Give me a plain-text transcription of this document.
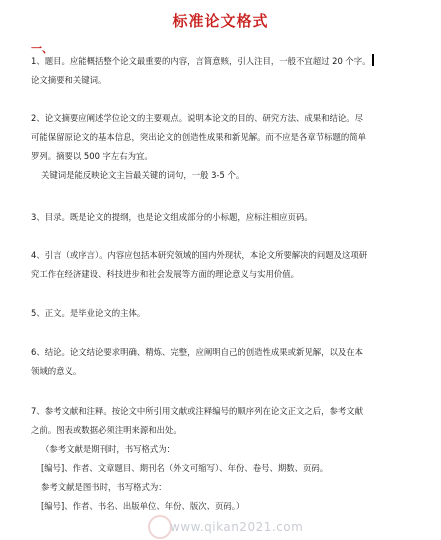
标准论文格式
一、
1、题目。应能概括整个论文最重要的内容，言简意赅，引人注目，一般不宜超过 20 个字。
论文摘要和关键词。
2、论文摘要应阐述学位论文的主要观点。说明本论文的目的、研究方法、成果和结论。尽
可能保留原论文的基本信息，突出论文的创造性成果和新见解。而不应是各章节标题的简单
罗列。摘要以 500 字左右为宜。
关键词是能反映论文主旨最关键的词句，一般 3-5 个。
3、目录。既是论文的提纲，也是论文组成部分的小标题，应标注相应页码。
4、引言（或序言）。内容应包括本研究领域的国内外现状，本论文所要解决的问题及这项研
究工作在经济建设、科技进步和社会发展等方面的理论意义与实用价值。
5、正文。是毕业论文的主体。
6、结论。论文结论要求明确、精炼、完整，应阐明自己的创造性成果或新见解，以及在本
领域的意义。
7、参考文献和注释。按论文中所引用文献或注释编号的顺序列在论文正文之后，参考文献
之前。图表或数据必须注明来源和出处。
（参考文献是期刊时，书写格式为：
[编号]、作者、文章题目、期刊名（外文可缩写）、年份、卷号、期数、页码。
参考文献是图书时，书写格式为：
[编号]、作者、书名、出版单位、年份、版次、页码。）
www.qikan2021.com
